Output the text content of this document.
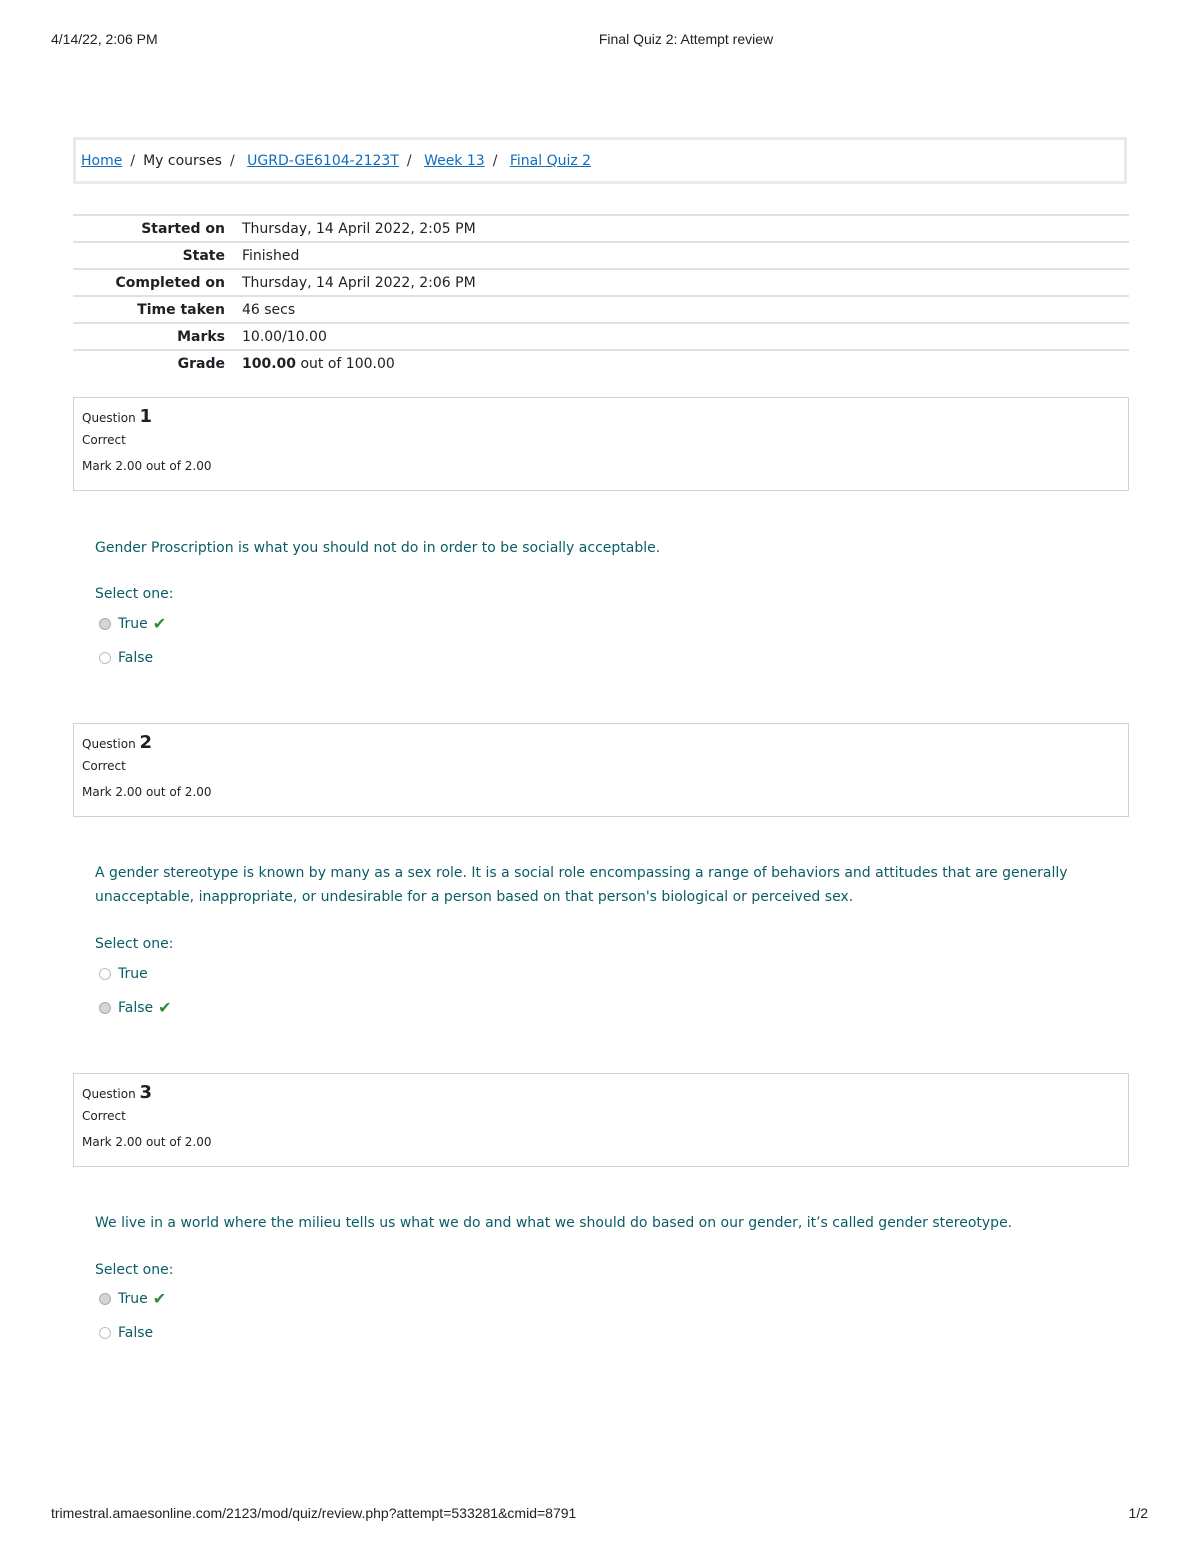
4/14/22, 2:06 PM	Final Quiz 2: Attempt review
Home / My courses / UGRD-GE6104-2123T / Week 13 / Final Quiz 2
Started on	Thursday, 14 April 2022, 2:05 PM
State	Finished
Completed on	Thursday, 14 April 2022, 2:06 PM
Time taken	46 secs
Marks	10.00/10.00
Grade	100.00 out of 100.00
Question 1
Correct
Mark 2.00 out of 2.00
Gender Proscription is what you should not do in order to be socially acceptable.
Select one:
True ✔
False
Question 2
Correct
Mark 2.00 out of 2.00
A gender stereotype is known by many as a sex role. It is a social role encompassing a range of behaviors and attitudes that are generally unacceptable, inappropriate, or undesirable for a person based on that person's biological or perceived sex.
Select one:
True
False ✔
Question 3
Correct
Mark 2.00 out of 2.00
We live in a world where the milieu tells us what we do and what we should do based on our gender, it’s called gender stereotype.
Select one:
True ✔
False
trimestral.amaesonline.com/2123/mod/quiz/review.php?attempt=533281&cmid=8791	1/2
